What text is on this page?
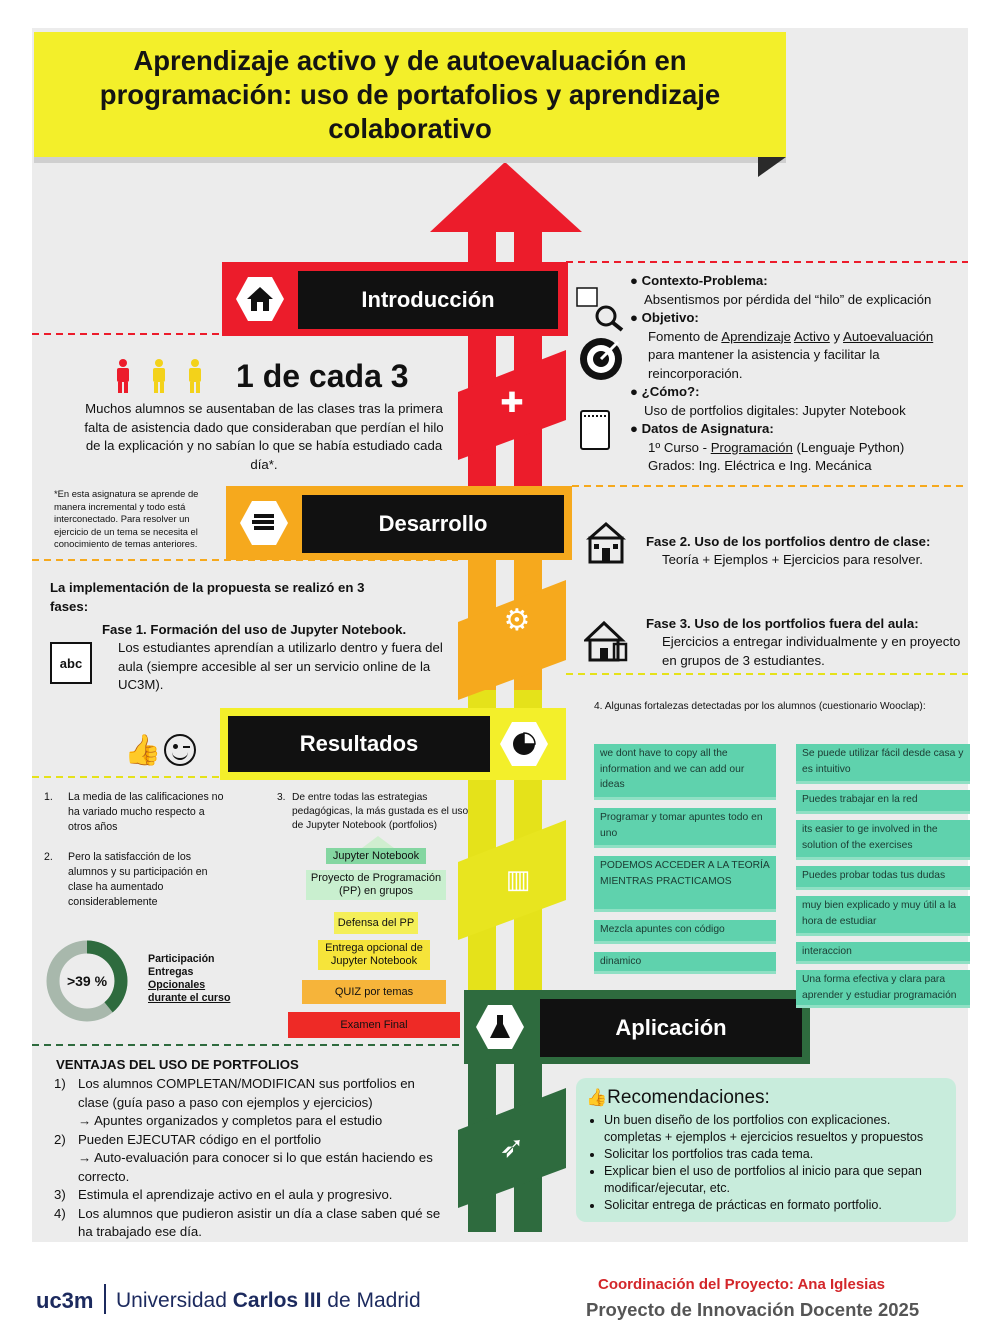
✚
⚙
▥
➶
Aprendizaje activo y de autoevaluación en programación: uso de portafolios y aprendizaje colaborativo
Introducción
Desarrollo
Resultados
Aplicación
1 de cada 3
Muchos alumnos se ausentaban de las clases tras la primera falta de asistencia dado que consideraban que perdían el hilo de la explicación y no sabían lo que se había estudiado cada día*.
*En esta asignatura se aprende de manera incremental y todo está interconectado. Para resolver un ejercicio de un tema se necesita el conocimiento de temas anteriores.
● Contexto-Problema:
Absentismos por pérdida del “hilo” de explicación
● Objetivo:
Fomento de Aprendizaje Activo y Autoevaluación
para mantener la asistencia y facilitar la reincorporación.
● ¿Cómo?:
Uso de portfolios digitales: Jupyter Notebook
● Datos de Asignatura:
1º Curso - Programación (Lenguaje Python)
Grados: Ing. Eléctrica e Ing. Mecánica
La implementación de la propuesta se realizó en 3 fases:
Fase 1. Formación del uso de Jupyter Notebook.
Los estudiantes aprendían a utilizarlo dentro y fuera del aula (siempre accesible al ser un servicio online de la UC3M).
abc
Fase 2. Uso de los portfolios dentro de clase:
Teoría + Ejemplos + Ejercicios para resolver.
Fase 3. Uso de los portfolios fuera del aula:
Ejercicios a entregar individualmente y en proyecto en grupos de 3 estudiantes.
👍
1. La media de las calificaciones no ha variado mucho respecto a otros años
2. Pero la satisfacción de los alumnos y su participación en clase ha aumentado considerablemente
3. De entre todas las estrategias pedagógicas, la más gustada es el uso de Jupyter Notebook (portfolios)
4. Algunas fortalezas detectadas por los alumnos (cuestionario Wooclap):
>39 %
Participación
Entregas
Opcionales
durante el curso
Jupyter Notebook
Proyecto de Programación (PP) en grupos
Defensa del PP
Entrega opcional de Jupyter Notebook
QUIZ por temas
Examen Final
we dont have to copy all the information and we can add our ideas
Programar y tomar apuntes todo en uno
PODEMOS ACCEDER A LA TEORÍA MIENTRAS PRACTICAMOS
Mezcla apuntes con código
dinamico
Se puede utilizar fácil desde casa y es intuitivo
Puedes trabajar en la red
its easier to ge involved in the solution of the exercises
Puedes probar todas tus dudas
muy bien explicado y muy útil a la hora de estudiar
interaccion
Una forma efectiva y clara para aprender y estudiar programación
VENTAJAS DEL USO DE PORTFOLIOS
1) Los alumnos COMPLETAN/MODIFICAN sus portfolios en clase (guía paso a paso con ejemplos y ejercicios)
→ Apuntes organizados y completos para el estudio
2) Pueden EJECUTAR código en el portfolio
→ Auto-evaluación para conocer si lo que están haciendo es correcto.
3) Estimula el aprendizaje activo en el aula y progresivo.
4) Los alumnos que pudieron asistir un día a clase saben qué se ha trabajado ese día.
👍Recomendaciones:
• Un buen diseño de los portfolios con explicaciones. completas + ejemplos + ejercicios resueltos y propuestos
• Solicitar los portfolios tras cada tema.
• Explicar bien el uso de portfolios al inicio para que sepan modificar/ejecutar, etc.
• Solicitar entrega de prácticas en formato portfolio.
uc3m Universidad Carlos III de Madrid
Coordinación del Proyecto: Ana Iglesias
Proyecto de Innovación Docente 2025
